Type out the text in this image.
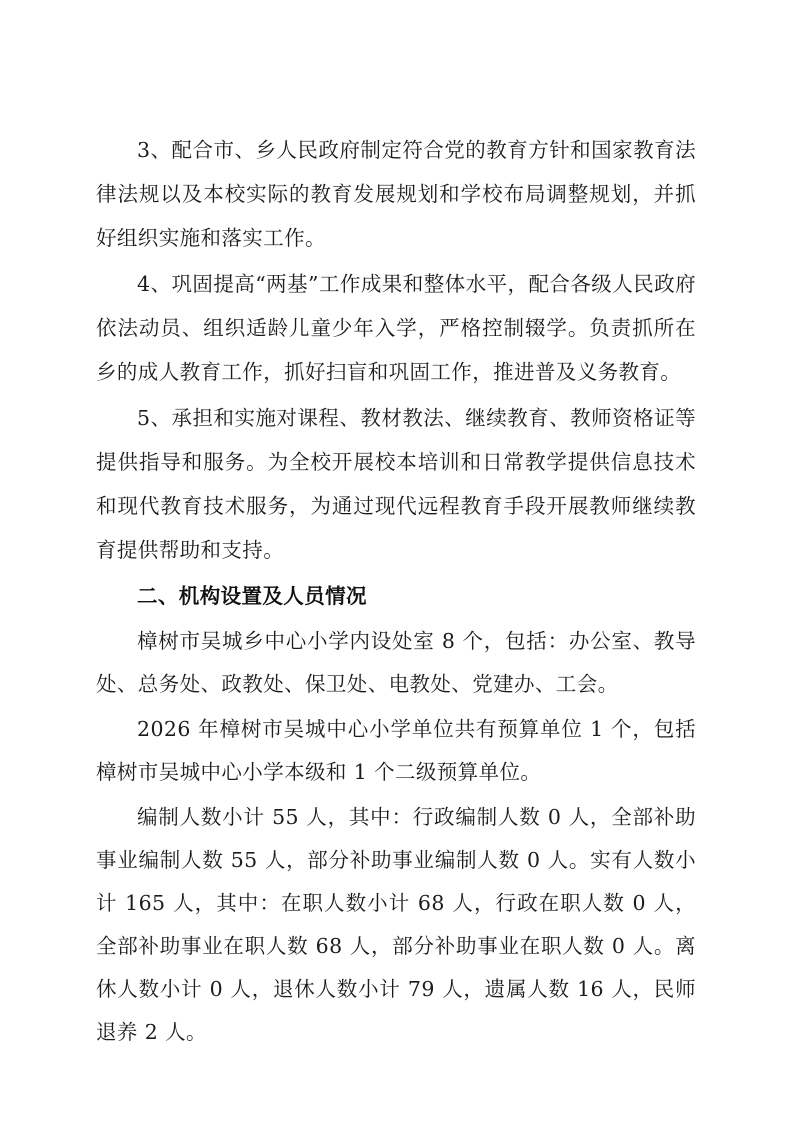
3、配合市、乡人民政府制定符合党的教育方针和国家教育法律法规以及本校实际的教育发展规划和学校布局调整规划，并抓好组织实施和落实工作。

4、巩固提高“两基”工作成果和整体水平，配合各级人民政府依法动员、组织适龄儿童少年入学，严格控制辍学。负责抓所在乡的成人教育工作，抓好扫盲和巩固工作，推进普及义务教育。

5、承担和实施对课程、教材教法、继续教育、教师资格证等提供指导和服务。为全校开展校本培训和日常教学提供信息技术和现代教育技术服务，为通过现代远程教育手段开展教师继续教育提供帮助和支持。

二、机构设置及人员情况

樟树市吴城乡中心小学内设处室 8 个，包括：办公室、教导处、总务处、政教处、保卫处、电教处、党建办、工会。

2026 年樟树市吴城中心小学单位共有预算单位 1 个，包括樟树市吴城中心小学本级和 1 个二级预算单位。

编制人数小计 55 人，其中：行政编制人数 0 人，全部补助事业编制人数 55 人，部分补助事业编制人数 0 人。实有人数小计 165 人，其中：在职人数小计 68 人，行政在职人数 0 人，全部补助事业在职人数 68 人，部分补助事业在职人数 0 人。离休人数小计 0 人，退休人数小计 79 人，遗属人数 16 人，民师退养 2 人。
